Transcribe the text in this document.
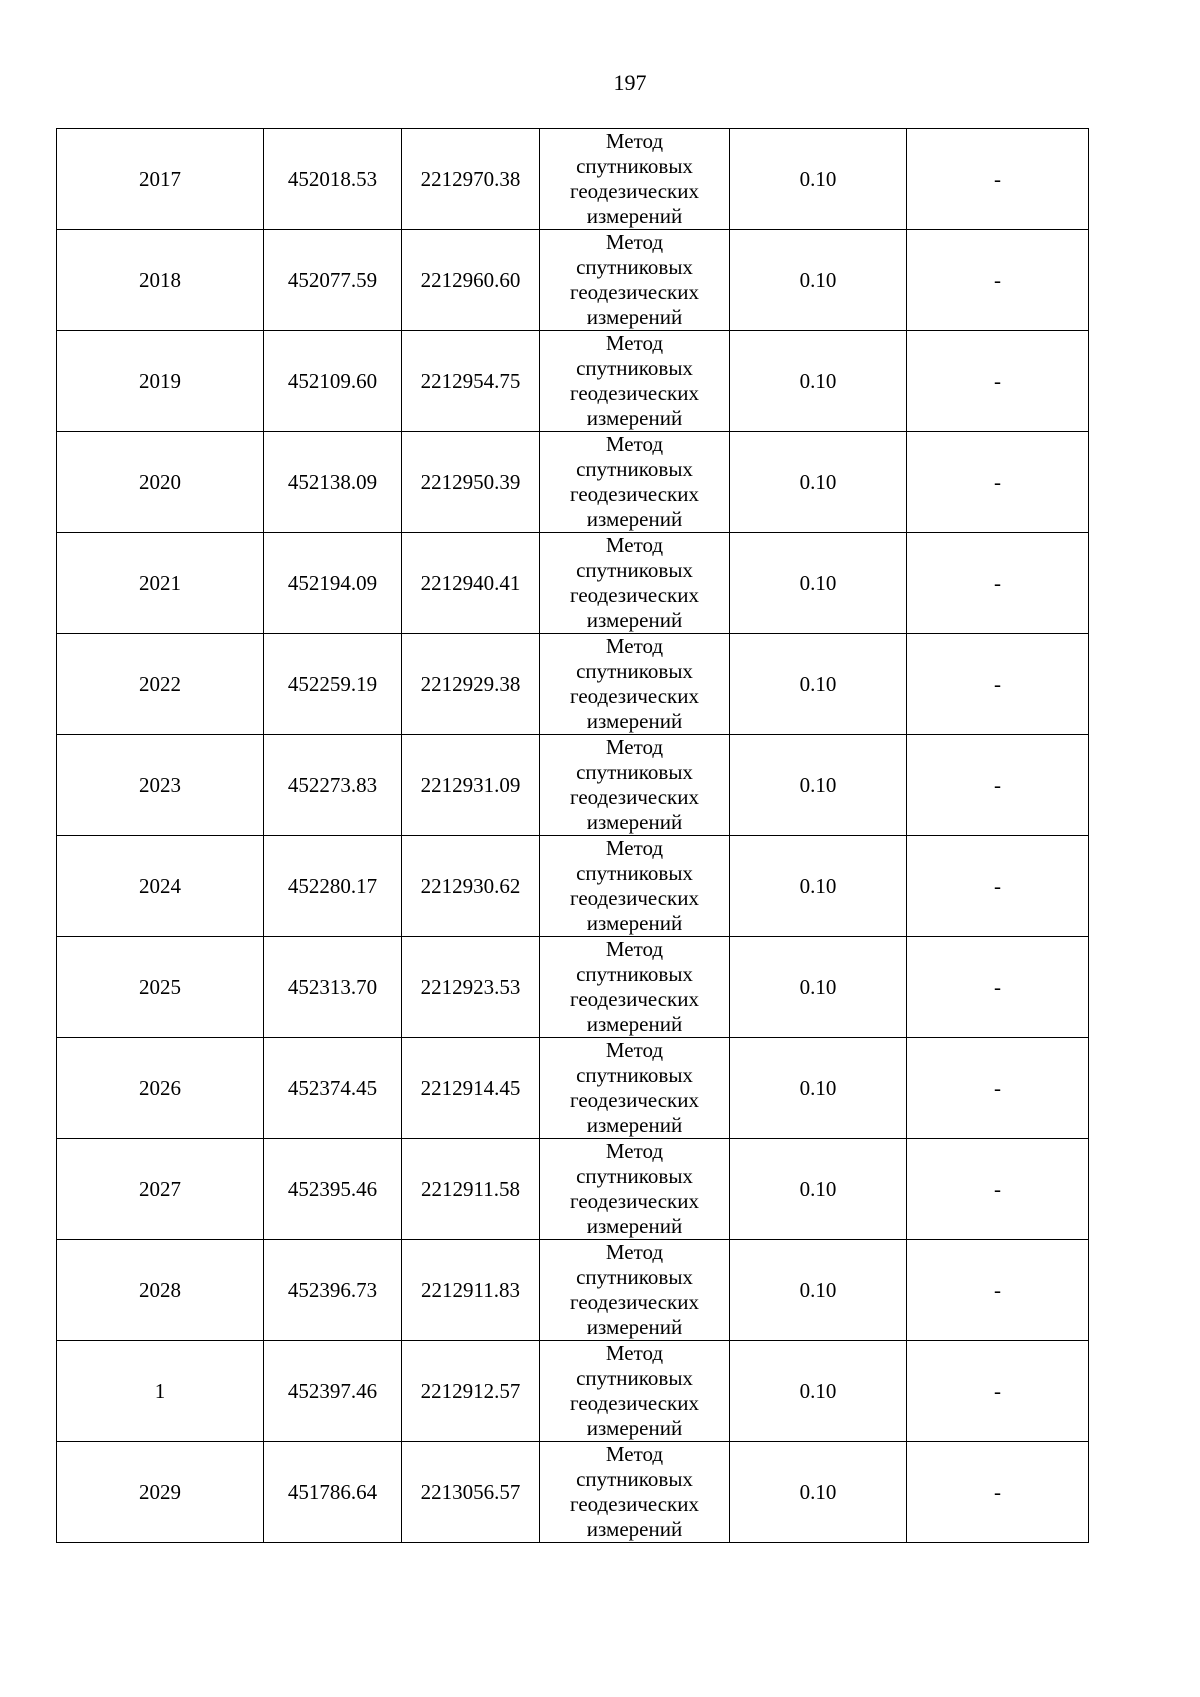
197
2017	452018.53	2212970.38	Метод
спутниковых
геодезических
измерений	0.10	-
2018	452077.59	2212960.60	Метод
спутниковых
геодезических
измерений	0.10	-
2019	452109.60	2212954.75	Метод
спутниковых
геодезических
измерений	0.10	-
2020	452138.09	2212950.39	Метод
спутниковых
геодезических
измерений	0.10	-
2021	452194.09	2212940.41	Метод
спутниковых
геодезических
измерений	0.10	-
2022	452259.19	2212929.38	Метод
спутниковых
геодезических
измерений	0.10	-
2023	452273.83	2212931.09	Метод
спутниковых
геодезических
измерений	0.10	-
2024	452280.17	2212930.62	Метод
спутниковых
геодезических
измерений	0.10	-
2025	452313.70	2212923.53	Метод
спутниковых
геодезических
измерений	0.10	-
2026	452374.45	2212914.45	Метод
спутниковых
геодезических
измерений	0.10	-
2027	452395.46	2212911.58	Метод
спутниковых
геодезических
измерений	0.10	-
2028	452396.73	2212911.83	Метод
спутниковых
геодезических
измерений	0.10	-
1	452397.46	2212912.57	Метод
спутниковых
геодезических
измерений	0.10	-
2029	451786.64	2213056.57	Метод
спутниковых
геодезических
измерений	0.10	-
